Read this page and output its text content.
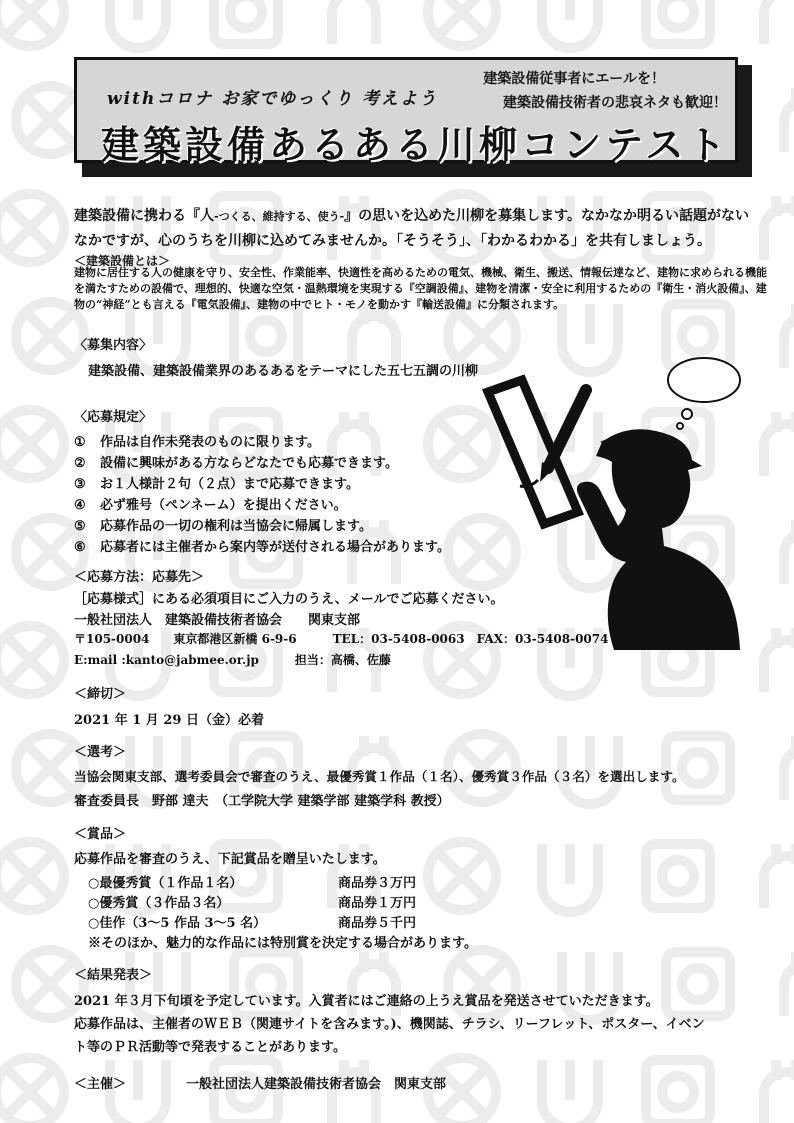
withコロナ お家でゆっくり 考えよう
建築設備従事者にエールを！
建築設備技術者の悲哀ネタも歓迎！
建築設備あるある川柳コンテスト
建築設備に携わる『人-つくる、維持する、使う-』の思いを込めた川柳を募集します。なかなか明るい話題がない
なかですが、心のうちを川柳に込めてみませんか。「そうそう」、「わかるわかる」を共有しましょう。
＜建築設備とは＞
建物に居住する人の健康を守り、安全性、作業能率、快適性を高めるための電気、機械、衛生、搬送、情報伝達など、建物に求められる機能を満たすための設備で、理想的、快適な空気・温熱環境を実現する『空調設備』、建物を清潔・安全に利用するための『衛生・消火設備』、建物の“神経”とも言える『電気設備』、建物の中でヒト・モノを動かす『輸送設備』に分類されます。
〈募集内容〉
建築設備、建築設備業界のあるあるをテーマにした五七五調の川柳
〈応募規定〉
① 作品は自作未発表のものに限ります。
② 設備に興味がある方ならどなたでも応募できます。
③ お１人様計２句（２点）まで応募できます。
④ 必ず雅号（ペンネーム）を提出ください。
⑤ 応募作品の一切の権利は当協会に帰属します。
⑥ 応募者には主催者から案内等が送付される場合があります。
＜応募方法：応募先＞
［応募様式］にある必須項目にご入力のうえ、メールでご応募ください。
一般社団法人　建築設備技術者協会　　関東支部
〒105-0004　　東京都港区新橋 6-9-6　　　TEL：03-5408-0063　FAX：03-5408-0074
E:mail :kanto@jabmee.or.jp　　　担当：高橋、佐藤
＜締切＞
2021 年 1 月 29 日（金）必着
＜選考＞
当協会関東支部、選考委員会で審査のうえ、最優秀賞１作品（１名）、優秀賞３作品（３名）を選出します。
審査委員長　野部 達夫　（工学院大学 建築学部 建築学科 教授）
＜賞品＞
応募作品を審査のうえ、下記賞品を贈呈いたします。
○最優秀賞（１作品１名）	商品券３万円
○優秀賞（３作品３名）	商品券１万円
○佳作（3～5 作品 3～5 名）	商品券５千円
※そのほか、魅力的な作品には特別賞を決定する場合があります。
＜結果発表＞
2021 年３月下旬頃を予定しています。入賞者にはご連絡の上うえ賞品を発送させていただきます。
応募作品は、主催者のＷＥＢ（関連サイトを含みます。)、機関誌、チラシ、リーフレット、ポスター、イベン
ト等のＰＲ活動等で発表することがあります。
＜主催＞	一般社団法人建築設備技術者協会　関東支部
